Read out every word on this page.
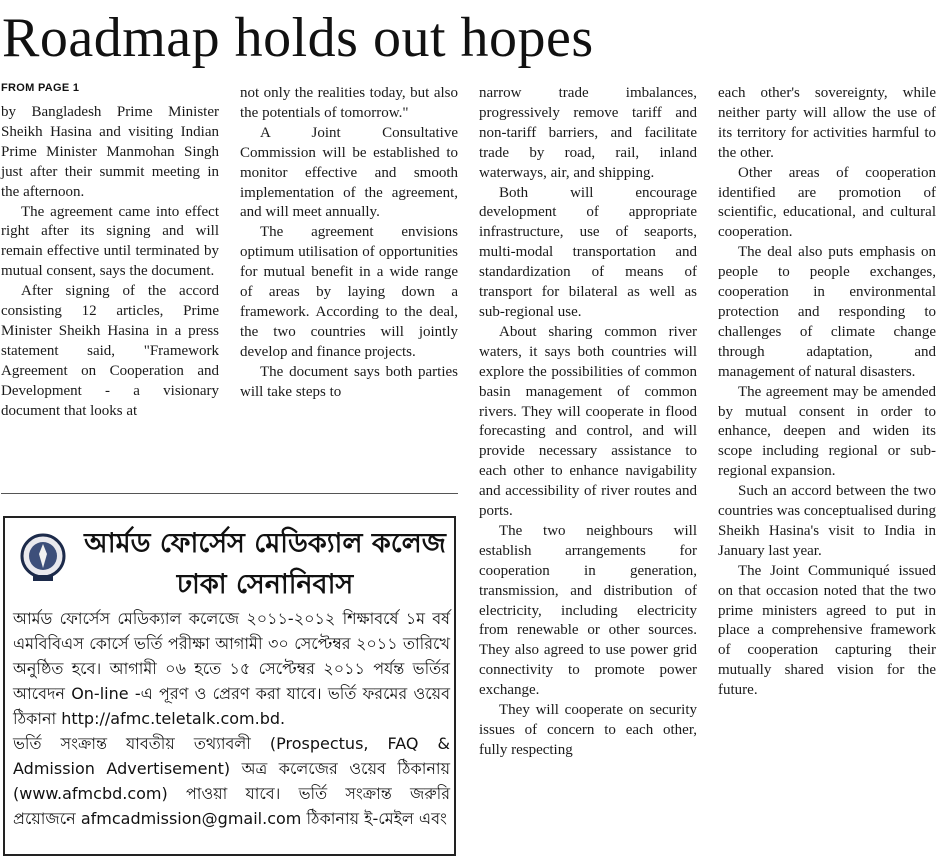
Roadmap holds out hopes
FROM PAGE 1

by Bangladesh Prime Minister Sheikh Hasina and visiting Indian Prime Minister Manmohan Singh just after their summit meeting in the afternoon.

The agreement came into effect right after its signing and will remain effective until terminated by mutual consent, says the document.

After signing of the accord consisting 12 articles, Prime Minister Sheikh Hasina in a press statement said, "Framework Agreement on Cooperation and Development - a visionary document that looks at

not only the realities today, but also the potentials of tomorrow."

A Joint Consultative Commission will be established to monitor effective and smooth implementation of the agreement, and will meet annually.

The agreement envisions optimum utilisation of opportunities for mutual benefit in a wide range of areas by laying down a framework. According to the deal, the two countries will jointly develop and finance projects.

The document says both parties will take steps to

narrow trade imbalances, progressively remove tariff and non-tariff barriers, and facilitate trade by road, rail, inland waterways, air, and shipping.

Both will encourage development of appropriate infrastructure, use of seaports, multi-modal transportation and standardization of means of transport for bilateral as well as sub-regional use.

About sharing common river waters, it says both countries will explore the possibilities of common basin management of common rivers. They will cooperate in flood forecasting and control, and will provide necessary assistance to each other to enhance navigability and accessibility of river routes and ports.

The two neighbours will establish arrangements for cooperation in generation, transmission, and distribution of electricity, including electricity from renewable or other sources. They also agreed to use power grid connectivity to promote power exchange.

They will cooperate on security issues of concern to each other, fully respecting

each other's sovereignty, while neither party will allow the use of its territory for activities harmful to the other.

Other areas of cooperation identified are promotion of scientific, educational, and cultural cooperation.

The deal also puts emphasis on people to people exchanges, cooperation in environmental protection and responding to challenges of climate change through adaptation, and management of natural disasters.

The agreement may be amended by mutual consent in order to enhance, deepen and widen its scope including regional or sub-regional expansion.

Such an accord between the two countries was conceptualised during Sheikh Hasina's visit to India in January last year.

The Joint Communiqué issued on that occasion noted that the two prime ministers agreed to put in place a comprehensive framework of cooperation capturing their mutually shared vision for the future.

আর্মড ফোর্সেস মেডিক্যাল কলেজ
ঢাকা সেনানিবাস
আর্মড ফোর্সেস মেডিক্যাল কলেজে ২০১১-২০১২ শিক্ষাবর্ষে ১ম বর্ষ এমবিবিএস কোর্সে ভর্তি পরীক্ষা আগামী ৩০ সেপ্টেম্বর ২০১১ তারিখে অনুষ্ঠিত হবে। আগামী ০৬ হতে ১৫ সেপ্টেম্বর ২০১১ পর্যন্ত ভর্তির আবেদন On-line -এ পূরণ ও প্রেরণ করা যাবে। ভর্তি ফরমের ওয়েব ঠিকানা http://afmc.teletalk.com.bd.
ভর্তি সংক্রান্ত যাবতীয় তথ্যাবলী (Prospectus, FAQ & Admission Advertisement) অত্র কলেজের ওয়েব ঠিকানায় (www.afmcbd.com) পাওয়া যাবে। ভর্তি সংক্রান্ত জরুরি প্রয়োজনে afmcadmission@gmail.com ঠিকানায় ই-মেইল এবং
